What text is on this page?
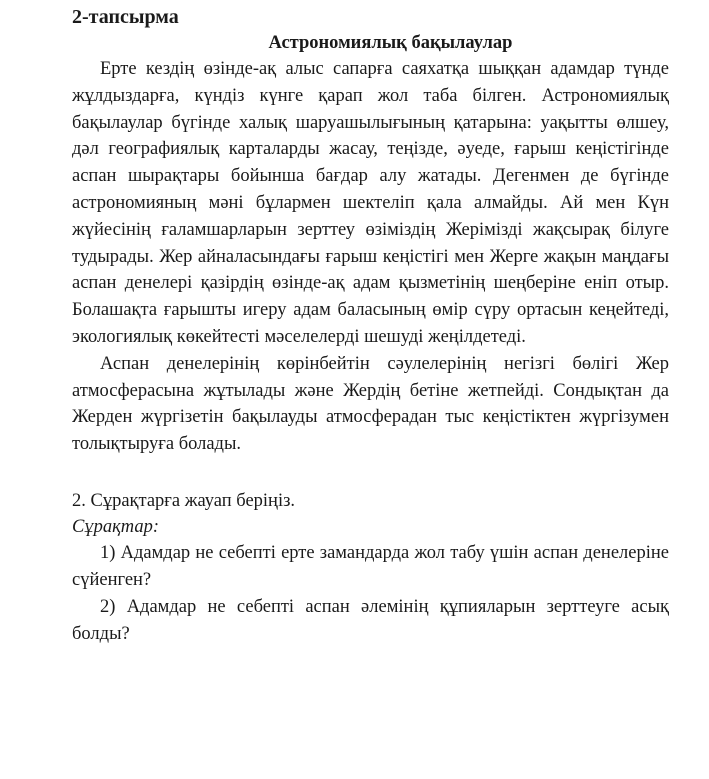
2-тапсырма
Астрономиялық бақылаулар

Ерте кездің өзінде-ақ алыс сапарға саяхатқа шыққан адамдар түнде жұлдыздарға, күндіз күнге қарап жол таба білген. Астрономиялық бақылаулар бүгінде халық шаруашылығының қатарына: уақытты өлшеу, дәл географиялық карталарды жасау, теңізде, әуеде, ғарыш кеңістігінде аспан шырақтары бойынша бағдар алу жатады. Дегенмен де бүгінде астрономияның мәні бұлармен шектеліп қала алмайды. Ай мен Күн жүйесінің ғаламшарларын зерттеу өзіміздің Жерімізді жақсырақ білуге тудырады. Жер айналасындағы ғарыш кеңістігі мен Жерге жақын маңдағы аспан денелері қазірдің өзінде-ақ адам қызметінің шеңберіне еніп отыр. Болашақта ғарышты игеру адам баласының өмір сүру ортасын кеңейтеді, экологиялық көкейтесті мәселелерді шешуді жеңілдетеді.

Аспан денелерінің көрінбейтін сәулелерінің негізгі бөлігі Жер атмосферасына жұтылады және Жердің бетіне жетпейді. Сондықтан да Жерден жүргізетін бақылауды атмосферадан тыс кеңістіктен жүргізумен толықтыруға болады.

2. Сұрақтарға жауап беріңіз.

Сұрақтар:

1) Адамдар не себепті ерте замандарда жол табу үшін аспан денелеріне сүйенген?
2) Адамдар не себепті аспан әлемінің құпияларын зерттеуге асық болды?
